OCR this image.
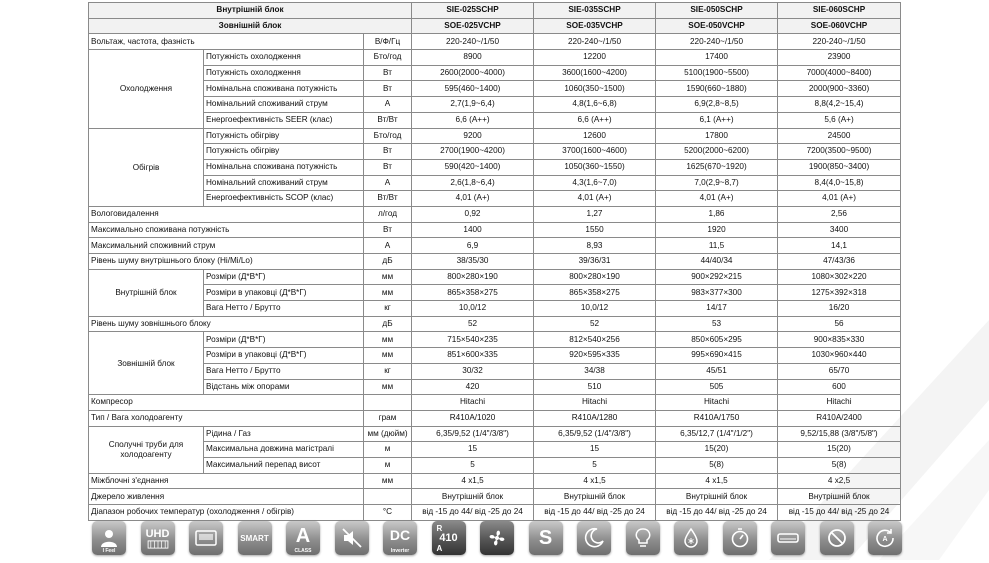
Внутрішній блок			SIE-025SCHP	SIE-035SCHP	SIE-050SCHP	SIE-060SCHP
Зовнішній блок			SOE-025VCHP	SOE-035VCHP	SOE-050VCHP	SOE-060VCHP
Вольтаж, частота, фазність		В/Ф/Гц	220-240~/1/50	220-240~/1/50	220-240~/1/50	220-240~/1/50
Охолодження	Потужність охолодження	Бто/год	8900	12200	17400	23900
	Потужність охолодження	Вт	2600(2000~4000)	3600(1600~4200)	5100(1900~5500)	7000(4000~8400)
	Номінальна споживана потужність	Вт	595(460~1400)	1060(350~1500)	1590(660~1880)	2000(900~3360)
	Номінальний споживаний струм	А	2,7(1,9~6,4)	4,8(1,6~6,8)	6,9(2,8~8,5)	8,8(4,2~15,4)
	Енергоефективність SEER (клас)	Вт/Вт	6,6 (A++)	6,6 (A++)	6,1 (A++)	5,6 (A+)
Обігрів	Потужність обігріву	Бто/год	9200	12600	17800	24500
	Потужність обігріву	Вт	2700(1900~4200)	3700(1600~4600)	5200(2000~6200)	7200(3500~9500)
	Номінальна споживана потужність	Вт	590(420~1400)	1050(360~1550)	1625(670~1920)	1900(850~3400)
	Номінальний споживаний струм	А	2,6(1,8~6,4)	4,3(1,6~7,0)	7,0(2,9~8,7)	8,4(4,0~15,8)
	Енергоефективність SCOP (клас)	Вт/Вт	4,01 (A+)	4,01 (A+)	4,01 (A+)	4,01 (A+)
Вологовидалення		л/год	0,92	1,27	1,86	2,56
Максимально споживана потужність		Вт	1400	1550	1920	3400
Максимальний споживний струм		А	6,9	8,93	11,5	14,1
Рівень шуму внутрішнього блоку (Hi/Mi/Lo)		дБ	38/35/30	39/36/31	44/40/34	47/43/36
Внутрішній блок	Розміри (Д*В*Г)	мм	800×280×190	800×280×190	900×292×215	1080×302×220
	Розміри в упаковці (Д*В*Г)	мм	865×358×275	865×358×275	983×377×300	1275×392×318
	Вага Нетто / Брутто	кг	10,0/12	10,0/12	14/17	16/20
Рівень шуму зовнішнього блоку		дБ	52	52	53	56
Зовнішній блок	Розміри (Д*В*Г)	мм	715×540×235	812×540×256	850×605×295	900×835×330
	Розміри в упаковці (Д*В*Г)	мм	851×600×335	920×595×335	995×690×415	1030×960×440
	Вага Нетто / Брутто	кг	30/32	34/38	45/51	65/70
	Відстань між опорами	мм	420	510	505	600
Компресор			Hitachi	Hitachi	Hitachi	Hitachi
Тип / Вага холодоагенту		грам	R410A/1020	R410A/1280	R410A/1750	R410A/2400
Сполучні труби для холодоагенту	Рідина / Газ	мм (дюйм)	6,35/9,52 (1/4"/3/8")	6,35/9,52 (1/4"/3/8")	6,35/12,7 (1/4"/1/2")	9,52/15,88 (3/8"/5/8")
	Максимальна довжина магістралі	м	15	15	15(20)	15(20)
	Максимальний перепад висот	м	5	5	5(8)	5(8)
Міжблочні з'єднання		мм	4 x1,5	4 x1,5	4 x1,5	4 x2,5
Джерело живлення			Внутрішній блок	Внутрішній блок	Внутрішній блок	Внутрішній блок
Діапазон робочих температур (охолодження / обігрів)		°С	від -15 до 44/ від -25 до 24	від -15 до 44/ від -25 до 24	від -15 до 44/ від -25 до 24	від -15 до 44/ від -25 до 24
I Feel
UHD	SMART A
CLASS
DC
Inverter
R
410
A	S	A
